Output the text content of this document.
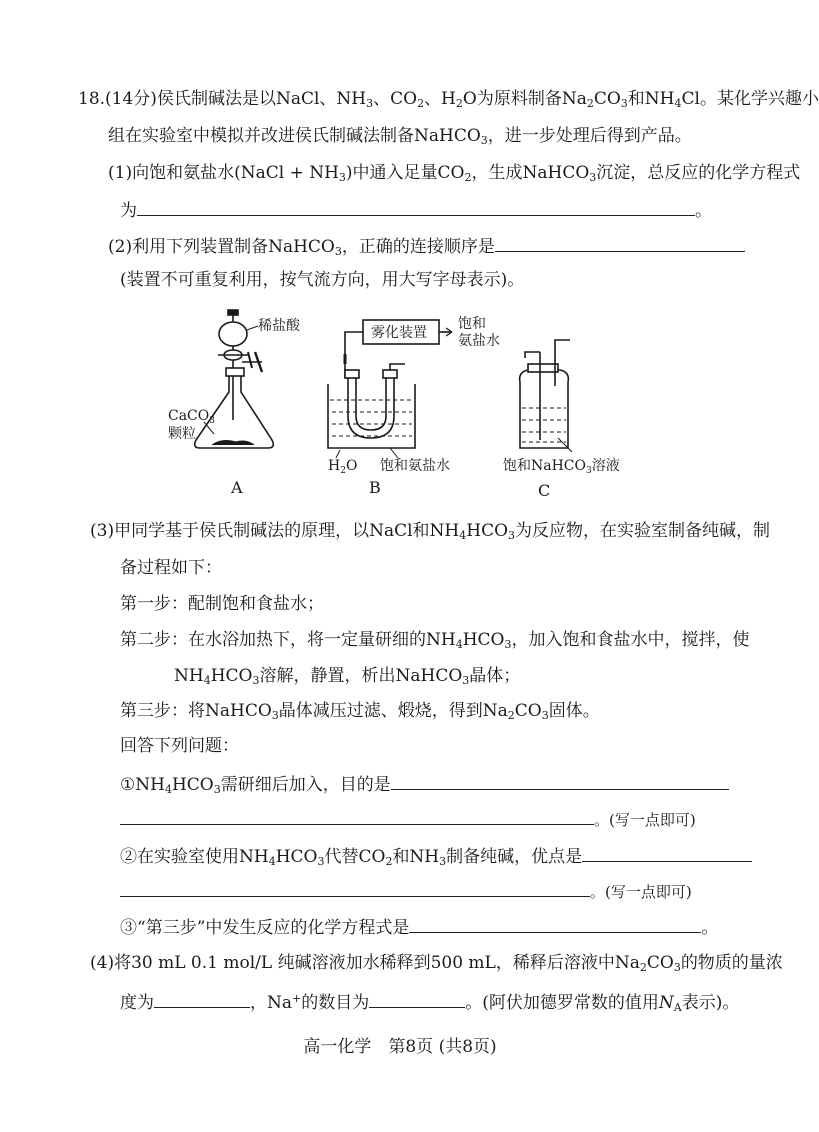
18.(14分)侯氏制碱法是以NaCl、$NH_3$、$CO_2$、$H_2O$为原料制备$Na_2CO_3$和$NH_4Cl$。某化学兴趣小
组在实验室中模拟并改进侯氏制碱法制备NaHCO$_3$，进一步处理后得到产品。
(1)向饱和氨盐水(NaCl + $NH_3$)中通入足量$CO_2$，生成NaHCO$_3$沉淀，总反应的化学方程式
为	。
(2)利用下列装置制备NaHCO$_3$，正确的连接顺序是
(装置不可重复利用，按气流方向，用大写字母表示)。
稀盐酸
CaCO$_3$
颗粒
A
雾化装置
饱和
氨盐水
$H_2O$ 饱和氨盐水
B
饱和NaHCO$_3$溶液
C
(3)甲同学基于侯氏制碱法的原理，以NaCl和$NH_4HCO_3$为反应物，在实验室制备纯碱，制
备过程如下：
第一步：配制饱和食盐水；
第二步：在水浴加热下，将一定量研细的$NH_4HCO_3$，加入饱和食盐水中，搅拌，使
$NH_4HCO_3$溶解，静置，析出NaHCO$_3$晶体；
第三步：将NaHCO$_3$晶体减压过滤、煅烧，得到$Na_2CO_3$固体。
回答下列问题：
$①NH_4HCO_3$需研细后加入，目的是
。(写一点即可)
②在实验室使用$NH_4HCO_3$代替$CO_2$和$NH_3$制备纯碱，优点是
。(写一点即可)
③“第三步”中发生反应的化学方程式是	。
(4)将30 mL 0.1 mol/L 纯碱溶液加水稀释到500 mL，稀释后溶液中$Na_2CO_3$的物质的量浓
度为	，Na+的数目为	。(阿伏加德罗常数的值用$N_A$表示)。
高一化学　第8页 (共8页)
